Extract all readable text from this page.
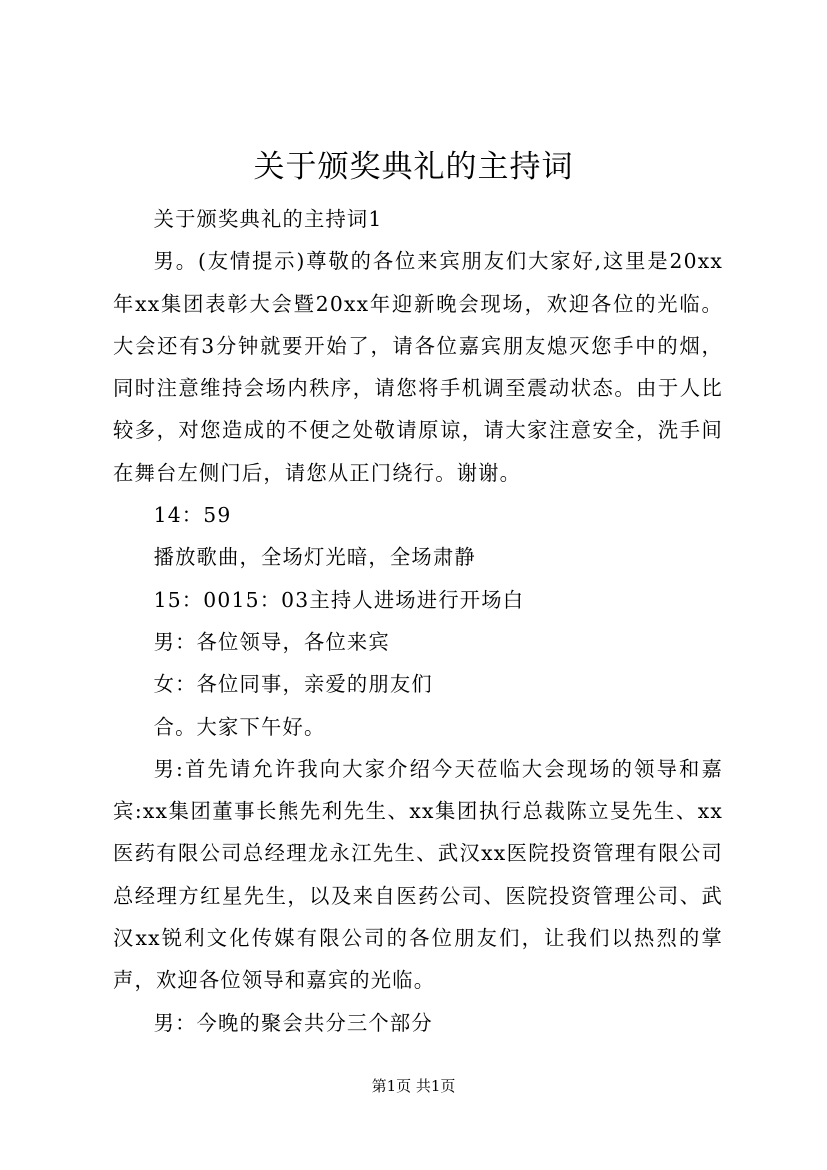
关于颁奖典礼的主持词

关于颁奖典礼的主持词1

男。(友情提示)尊敬的各位来宾朋友们大家好,这里是20xx年xx集团表彰大会暨20xx年迎新晚会现场，欢迎各位的光临。大会还有3分钟就要开始了，请各位嘉宾朋友熄灭您手中的烟，同时注意维持会场内秩序，请您将手机调至震动状态。由于人比较多，对您造成的不便之处敬请原谅，请大家注意安全，洗手间在舞台左侧门后，请您从正门绕行。谢谢。

14：59

播放歌曲，全场灯光暗，全场肃静

15：0015：03主持人进场进行开场白

男：各位领导，各位来宾

女：各位同事，亲爱的朋友们

合。大家下午好。

男:首先请允许我向大家介绍今天莅临大会现场的领导和嘉宾:xx集团董事长熊先利先生、xx集团执行总裁陈立旻先生、xx医药有限公司总经理龙永江先生、武汉xx医院投资管理有限公司总经理方红星先生，以及来自医药公司、医院投资管理公司、武汉xx锐利文化传媒有限公司的各位朋友们，让我们以热烈的掌声，欢迎各位领导和嘉宾的光临。

男：今晚的聚会共分三个部分

第1页 共1页
